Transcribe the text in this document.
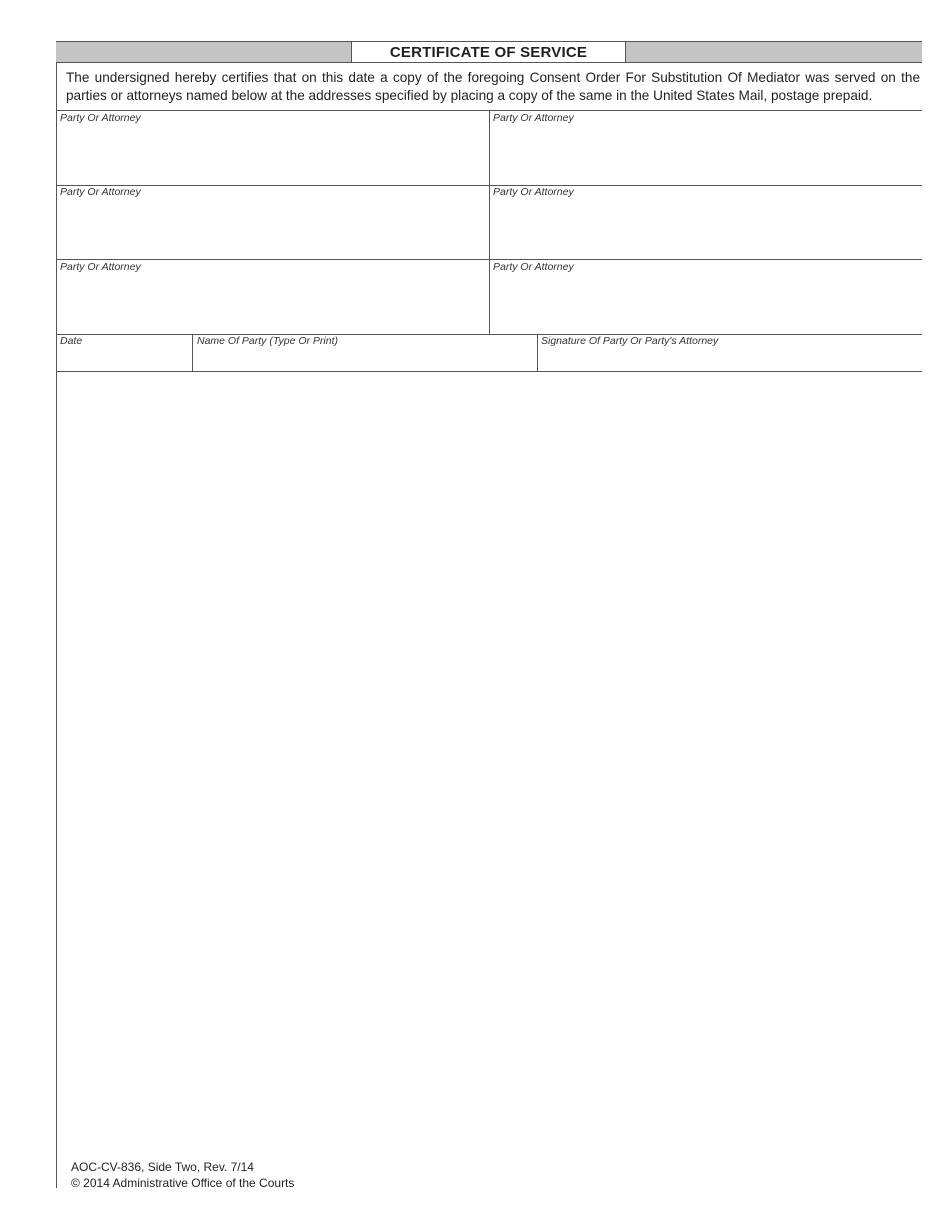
CERTIFICATE OF SERVICE
The undersigned hereby certifies that on this date a copy of the foregoing Consent Order For Substitution Of Mediator was served on the parties or attorneys named below at the addresses specified by placing a copy of the same in the United States Mail, postage prepaid.
Party Or Attorney	Party Or Attorney
Party Or Attorney	Party Or Attorney
Party Or Attorney	Party Or Attorney
Date	Name Of Party (Type Or Print)	Signature Of Party Or Party's Attorney
AOC-CV-836, Side Two, Rev. 7/14
© 2014 Administrative Office of the Courts
